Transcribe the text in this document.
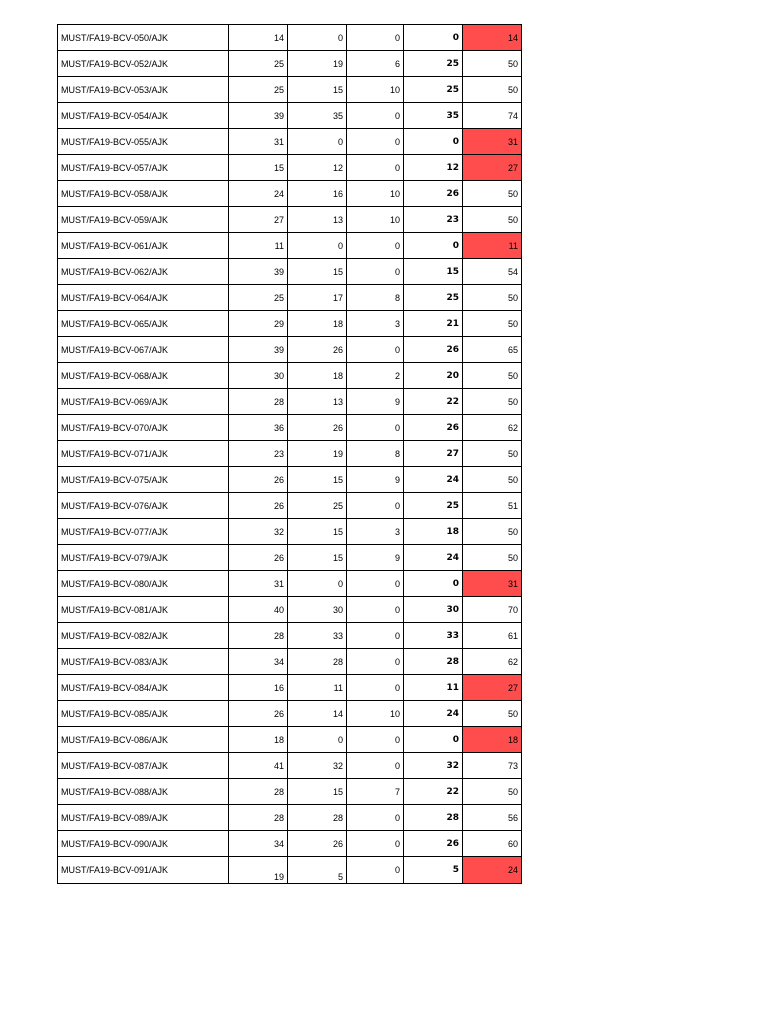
MUST/FA19-BCV-050/AJK	14	0	0	0	14
MUST/FA19-BCV-052/AJK	25	19	6	25	50
MUST/FA19-BCV-053/AJK	25	15	10	25	50
MUST/FA19-BCV-054/AJK	39	35	0	35	74
MUST/FA19-BCV-055/AJK	31	0	0	0	31
MUST/FA19-BCV-057/AJK	15	12	0	12	27
MUST/FA19-BCV-058/AJK	24	16	10	26	50
MUST/FA19-BCV-059/AJK	27	13	10	23	50
MUST/FA19-BCV-061/AJK	11	0	0	0	11
MUST/FA19-BCV-062/AJK	39	15	0	15	54
MUST/FA19-BCV-064/AJK	25	17	8	25	50
MUST/FA19-BCV-065/AJK	29	18	3	21	50
MUST/FA19-BCV-067/AJK	39	26	0	26	65
MUST/FA19-BCV-068/AJK	30	18	2	20	50
MUST/FA19-BCV-069/AJK	28	13	9	22	50
MUST/FA19-BCV-070/AJK	36	26	0	26	62
MUST/FA19-BCV-071/AJK	23	19	8	27	50
MUST/FA19-BCV-075/AJK	26	15	9	24	50
MUST/FA19-BCV-076/AJK	26	25	0	25	51
MUST/FA19-BCV-077/AJK	32	15	3	18	50
MUST/FA19-BCV-079/AJK	26	15	9	24	50
MUST/FA19-BCV-080/AJK	31	0	0	0	31
MUST/FA19-BCV-081/AJK	40	30	0	30	70
MUST/FA19-BCV-082/AJK	28	33	0	33	61
MUST/FA19-BCV-083/AJK	34	28	0	28	62
MUST/FA19-BCV-084/AJK	16	11	0	11	27
MUST/FA19-BCV-085/AJK	26	14	10	24	50
MUST/FA19-BCV-086/AJK	18	0	0	0	18
MUST/FA19-BCV-087/AJK	41	32	0	32	73
MUST/FA19-BCV-088/AJK	28	15	7	22	50
MUST/FA19-BCV-089/AJK	28	28	0	28	56
MUST/FA19-BCV-090/AJK	34	26	0	26	60
MUST/FA19-BCV-091/AJK	19	5	0	5	24
